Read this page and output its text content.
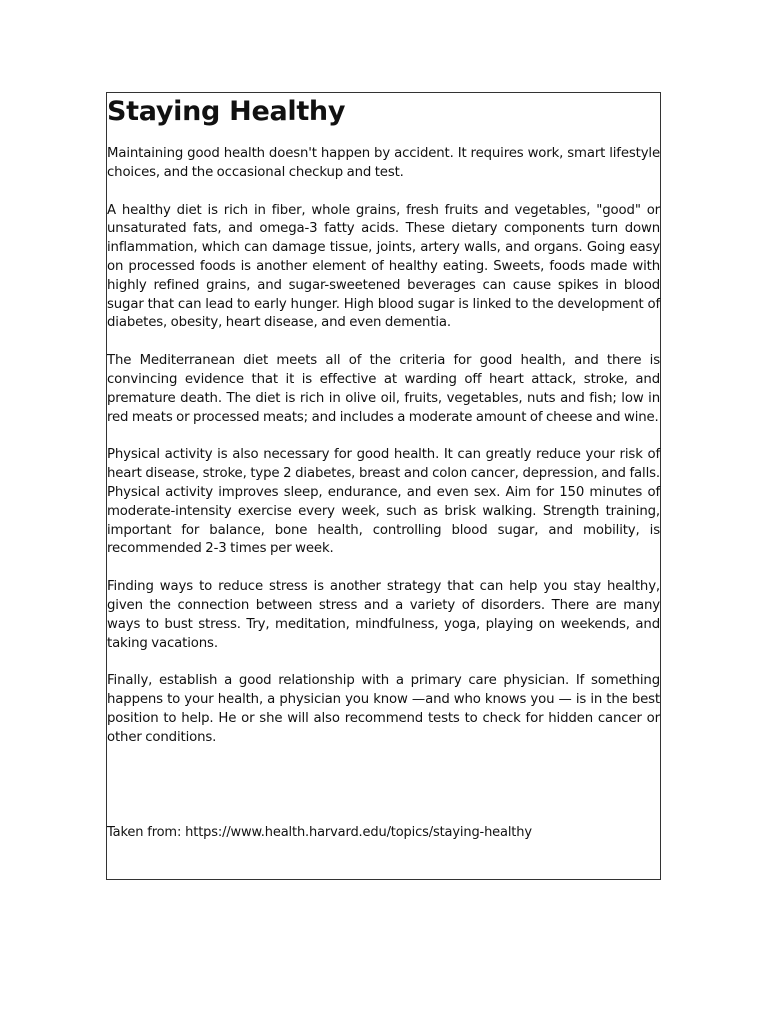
Staying Healthy

Maintaining good health doesn't happen by accident. It requires work, smart lifestyle choices, and the occasional checkup and test.

A healthy diet is rich in fiber, whole grains, fresh fruits and vegetables, "good" or unsaturated fats, and omega-3 fatty acids. These dietary components turn down inflammation, which can damage tissue, joints, artery walls, and organs. Going easy on processed foods is another element of healthy eating. Sweets, foods made with highly refined grains, and sugar-sweetened beverages can cause spikes in blood sugar that can lead to early hunger. High blood sugar is linked to the development of diabetes, obesity, heart disease, and even dementia.

The Mediterranean diet meets all of the criteria for good health, and there is convincing evidence that it is effective at warding off heart attack, stroke, and premature death. The diet is rich in olive oil, fruits, vegetables, nuts and fish; low in red meats or processed meats; and includes a moderate amount of cheese and wine.

Physical activity is also necessary for good health. It can greatly reduce your risk of heart disease, stroke, type 2 diabetes, breast and colon cancer, depression, and falls. Physical activity improves sleep, endurance, and even sex. Aim for 150 minutes of moderate-intensity exercise every week, such as brisk walking. Strength training, important for balance, bone health, controlling blood sugar, and mobility, is recommended 2-3 times per week.

Finding ways to reduce stress is another strategy that can help you stay healthy, given the connection between stress and a variety of disorders. There are many ways to bust stress. Try, meditation, mindfulness, yoga, playing on weekends, and taking vacations.

Finally, establish a good relationship with a primary care physician. If something happens to your health, a physician you know —and who knows you — is in the best position to help. He or she will also recommend tests to check for hidden cancer or other conditions.

Taken from: https://www.health.harvard.edu/topics/staying-healthy
